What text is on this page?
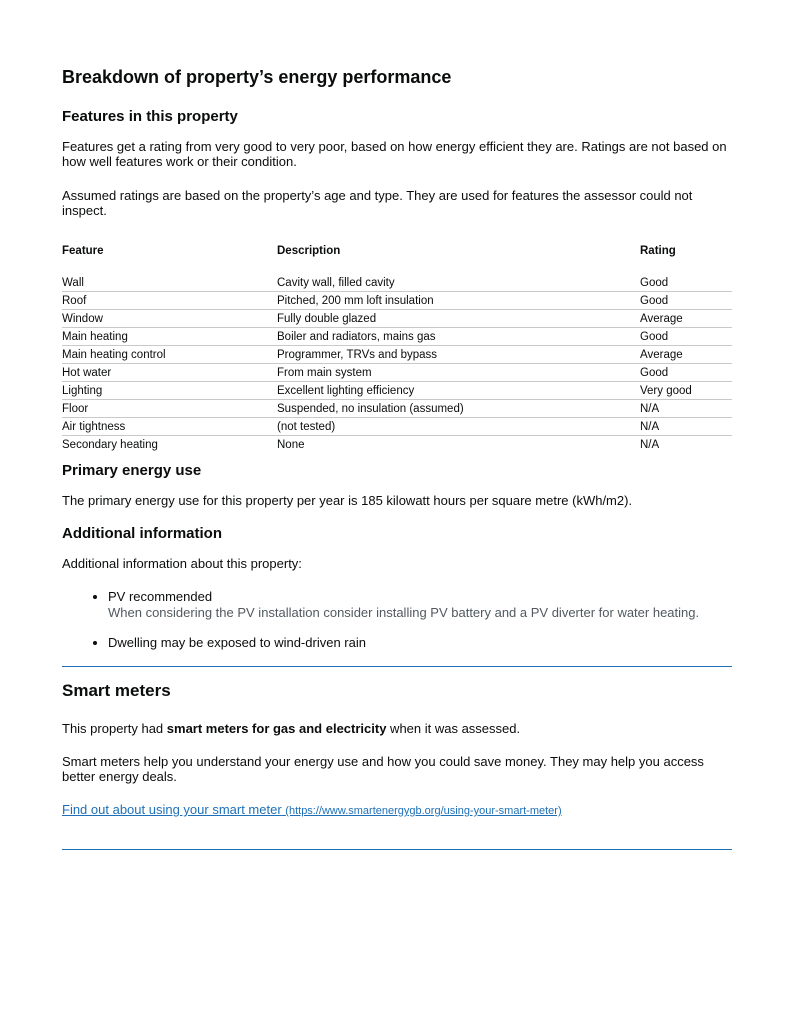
Breakdown of property’s energy performance
Features in this property

Features get a rating from very good to very poor, based on how energy efficient they are. Ratings are not based on how well features work or their condition.

Assumed ratings are based on the property’s age and type. They are used for features the assessor could not inspect.

Feature	Description	Rating

Wall	Cavity wall, filled cavity	Good
Roof	Pitched, 200 mm loft insulation	Good
Window	Fully double glazed	Average
Main heating	Boiler and radiators, mains gas	Good
Main heating control	Programmer, TRVs and bypass	Average
Hot water	From main system	Good
Lighting	Excellent lighting efficiency	Very good
Floor	Suspended, no insulation (assumed)	N/A
Air tightness	(not tested)	N/A
Secondary heating	None	N/A
Primary energy use

The primary energy use for this property per year is 185 kilowatt hours per square metre (kWh/m2).

Additional information

Additional information about this property:

• PV recommended
When considering the PV installation consider installing PV battery and a PV diverter for water heating.
• Dwelling may be exposed to wind-driven rain
Smart meters

This property had smart meters for gas and electricity when it was assessed.

Smart meters help you understand your energy use and how you could save money. They may help you access better energy deals.

Find out about using your smart meter (https://www.smartenergygb.org/using-your-smart-meter)
